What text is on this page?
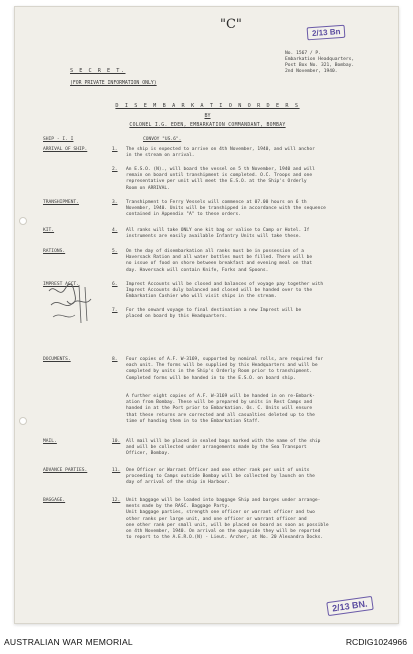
"C"
2/13 Bn
No. 1567 / P.
Embarkation Headquarters,
Post Box No. 321, Bombay.
2nd November, 1940.
S E C R E T.
(FOR PRIVATE INFORMATION ONLY)
D I S E M B A R K A T I O N O R D E R S
BY
COLONEL I.G. EDEN, EMBARKATION COMMANDANT, BOMBAY
SHIP - I. I	CONVOY "US.6".
ARRIVAL OF SHIP.	1.	The ship is expected to arrive on 4th November, 1940, and will anchor
in the stream on arrival.
2.	An E.S.O. (N)., will board the vessel on 5 th November, 1940 and will
remain on board until transhipment is completed. O.C. Troops and one
representative per unit will meet the E.S.O. at the Ship's Orderly
Room on ARRIVAL.
TRANSHIPMENT.	3.	Transhipment to Ferry Vessels will commence at 07.00 hours on 6 th
November, 1940. Units will be transhipped in accordance with the sequence
contained in Appendix "A" to these orders.
KIT.	4.	All ranks will take ONLY one kit bag or valise to Camp or Hotel. If
instruments are easily available Infantry Units will take these.
RATIONS.	5.	On the day of disembarkation all ranks must be in possession of a
Haversack Ration and all water bottles must be filled. There will be
no issue of food on shore between breakfast and evening meal on that
day. Haversack will contain Knife, Forks and Spoons.
IMPREST ACCT.	6.	Imprest Accounts will be closed and balances of voyage pay together with
Imprest Accounts duly balanced and closed will be handed over to the
Embarkation Cashier who will visit ships in the stream.
7.	For the onward voyage to final destination a new Imprest will be
placed on board by this Headquarters.
DOCUMENTS.	8.	Four copies of A.F. W-3169, supported by nominal rolls, are required for
each unit. The forms will be supplied by this Headquarters and will be
completed by units in the Ship's Orderly Room prior to transhipment.
Completed forms will be handed in to the E.S.O. on board ship.
A further eight copies of A.F. W-3169 will be handed in on re-Embark-
ation from Bombay. These will be prepared by units in Rest Camps and
handed in at the Port prior to Embarkation. Os. C. Units will ensure
that these returns are corrected and all casualties deleted up to the
time of handing them in to the Embarkation Staff.
MAIL.	10.	All mail will be placed in sealed bags marked with the name of the ship
and will be collected under arrangements made by the Sea Transport
Officer, Bombay.
ADVANCE PARTIES.	11.	One Officer or Warrant Officer and one other rank per unit of units
proceeding to Camps outside Bombay will be collected by launch on the
day of arrival of the ship in Harbour.
BAGGAGE.	12.	Unit baggage will be loaded into baggage Ship and barges under arrange-
ments made by the RASC. Baggage Party.
Unit baggage parties, strength one officer or warrant officer and two
other ranks per large unit, and one officer or warrant officer and
one other rank per small unit, will be placed on board as soon as possible
on 4th November, 1940. On arrival on the quayside they will be reported
to report to the A.E.R.O.(N) - Lieut. Archer, at No. 20 Alexandra Docks.
2/13 BN.
AUSTRALIAN WAR MEMORIAL	RCDIG1024966
